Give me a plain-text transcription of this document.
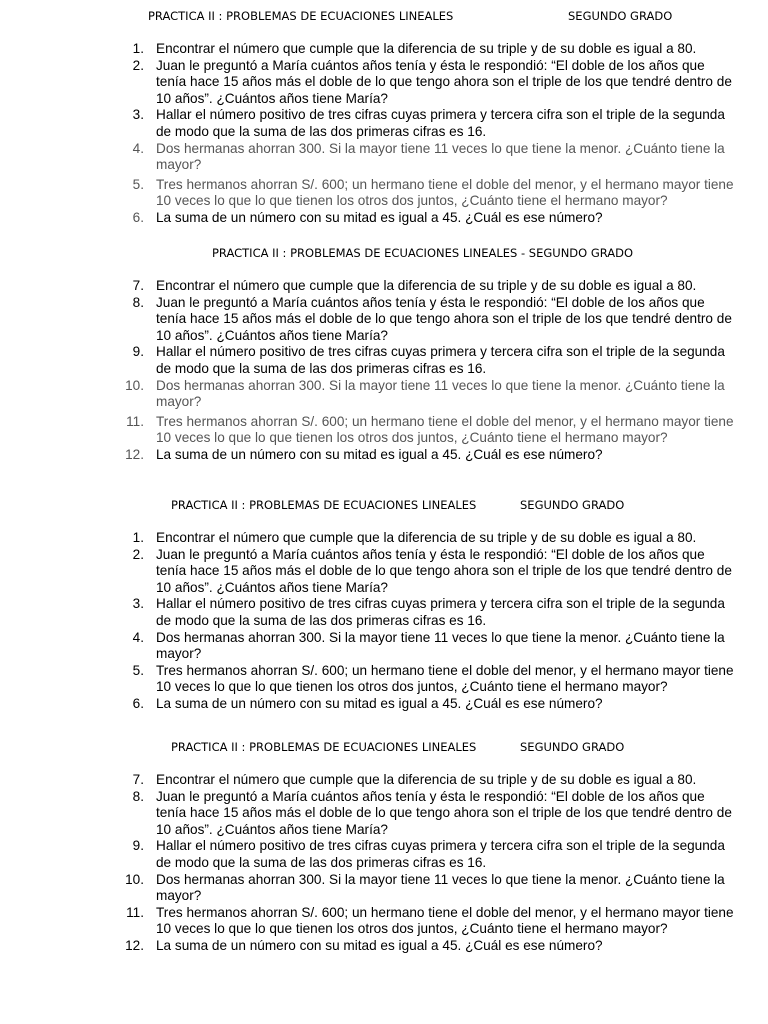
PRACTICA II : PROBLEMAS DE ECUACIONES LINEALES	SEGUNDO GRADO
1. Encontrar el número que cumple que la diferencia de su triple y de su doble es igual a 80.
2. Juan le preguntó a María cuántos años tenía y ésta le respondió: “El doble de los años que tenía hace 15 años más el doble de lo que tengo ahora son el triple de los que tendré dentro de 10 años”. ¿Cuántos años tiene María?
3. Hallar el número positivo de tres cifras cuyas primera y tercera cifra son el triple de la segunda de modo que la suma de las dos primeras cifras es 16.
4. Dos hermanas ahorran 300. Si la mayor tiene 11 veces lo que tiene la menor. ¿Cuánto tiene la mayor?
5. Tres hermanos ahorran S/. 600; un hermano tiene el doble del menor, y el hermano mayor tiene 10 veces lo que lo que tienen los otros dos juntos, ¿Cuánto tiene el hermano mayor?
6. La suma de un número con su mitad es igual a 45. ¿Cuál es ese número?
PRACTICA II : PROBLEMAS DE ECUACIONES LINEALES - SEGUNDO GRADO
7. Encontrar el número que cumple que la diferencia de su triple y de su doble es igual a 80.
8. Juan le preguntó a María cuántos años tenía y ésta le respondió: “El doble de los años que tenía hace 15 años más el doble de lo que tengo ahora son el triple de los que tendré dentro de 10 años”. ¿Cuántos años tiene María?
9. Hallar el número positivo de tres cifras cuyas primera y tercera cifra son el triple de la segunda de modo que la suma de las dos primeras cifras es 16.
10. Dos hermanas ahorran 300. Si la mayor tiene 11 veces lo que tiene la menor. ¿Cuánto tiene la mayor?
11. Tres hermanos ahorran S/. 600; un hermano tiene el doble del menor, y el hermano mayor tiene 10 veces lo que lo que tienen los otros dos juntos, ¿Cuánto tiene el hermano mayor?
12. La suma de un número con su mitad es igual a 45. ¿Cuál es ese número?
PRACTICA II : PROBLEMAS DE ECUACIONES LINEALES	SEGUNDO GRADO
1. Encontrar el número que cumple que la diferencia de su triple y de su doble es igual a 80.
2. Juan le preguntó a María cuántos años tenía y ésta le respondió: “El doble de los años que tenía hace 15 años más el doble de lo que tengo ahora son el triple de los que tendré dentro de 10 años”. ¿Cuántos años tiene María?
3. Hallar el número positivo de tres cifras cuyas primera y tercera cifra son el triple de la segunda de modo que la suma de las dos primeras cifras es 16.
4. Dos hermanas ahorran 300. Si la mayor tiene 11 veces lo que tiene la menor. ¿Cuánto tiene la mayor?
5. Tres hermanos ahorran S/. 600; un hermano tiene el doble del menor, y el hermano mayor tiene 10 veces lo que lo que tienen los otros dos juntos, ¿Cuánto tiene el hermano mayor?
6. La suma de un número con su mitad es igual a 45. ¿Cuál es ese número?
PRACTICA II : PROBLEMAS DE ECUACIONES LINEALES	SEGUNDO GRADO
7. Encontrar el número que cumple que la diferencia de su triple y de su doble es igual a 80.
8. Juan le preguntó a María cuántos años tenía y ésta le respondió: “El doble de los años que tenía hace 15 años más el doble de lo que tengo ahora son el triple de los que tendré dentro de 10 años”. ¿Cuántos años tiene María?
9. Hallar el número positivo de tres cifras cuyas primera y tercera cifra son el triple de la segunda de modo que la suma de las dos primeras cifras es 16.
10. Dos hermanas ahorran 300. Si la mayor tiene 11 veces lo que tiene la menor. ¿Cuánto tiene la mayor?
11. Tres hermanos ahorran S/. 600; un hermano tiene el doble del menor, y el hermano mayor tiene 10 veces lo que lo que tienen los otros dos juntos, ¿Cuánto tiene el hermano mayor?
12. La suma de un número con su mitad es igual a 45. ¿Cuál es ese número?
